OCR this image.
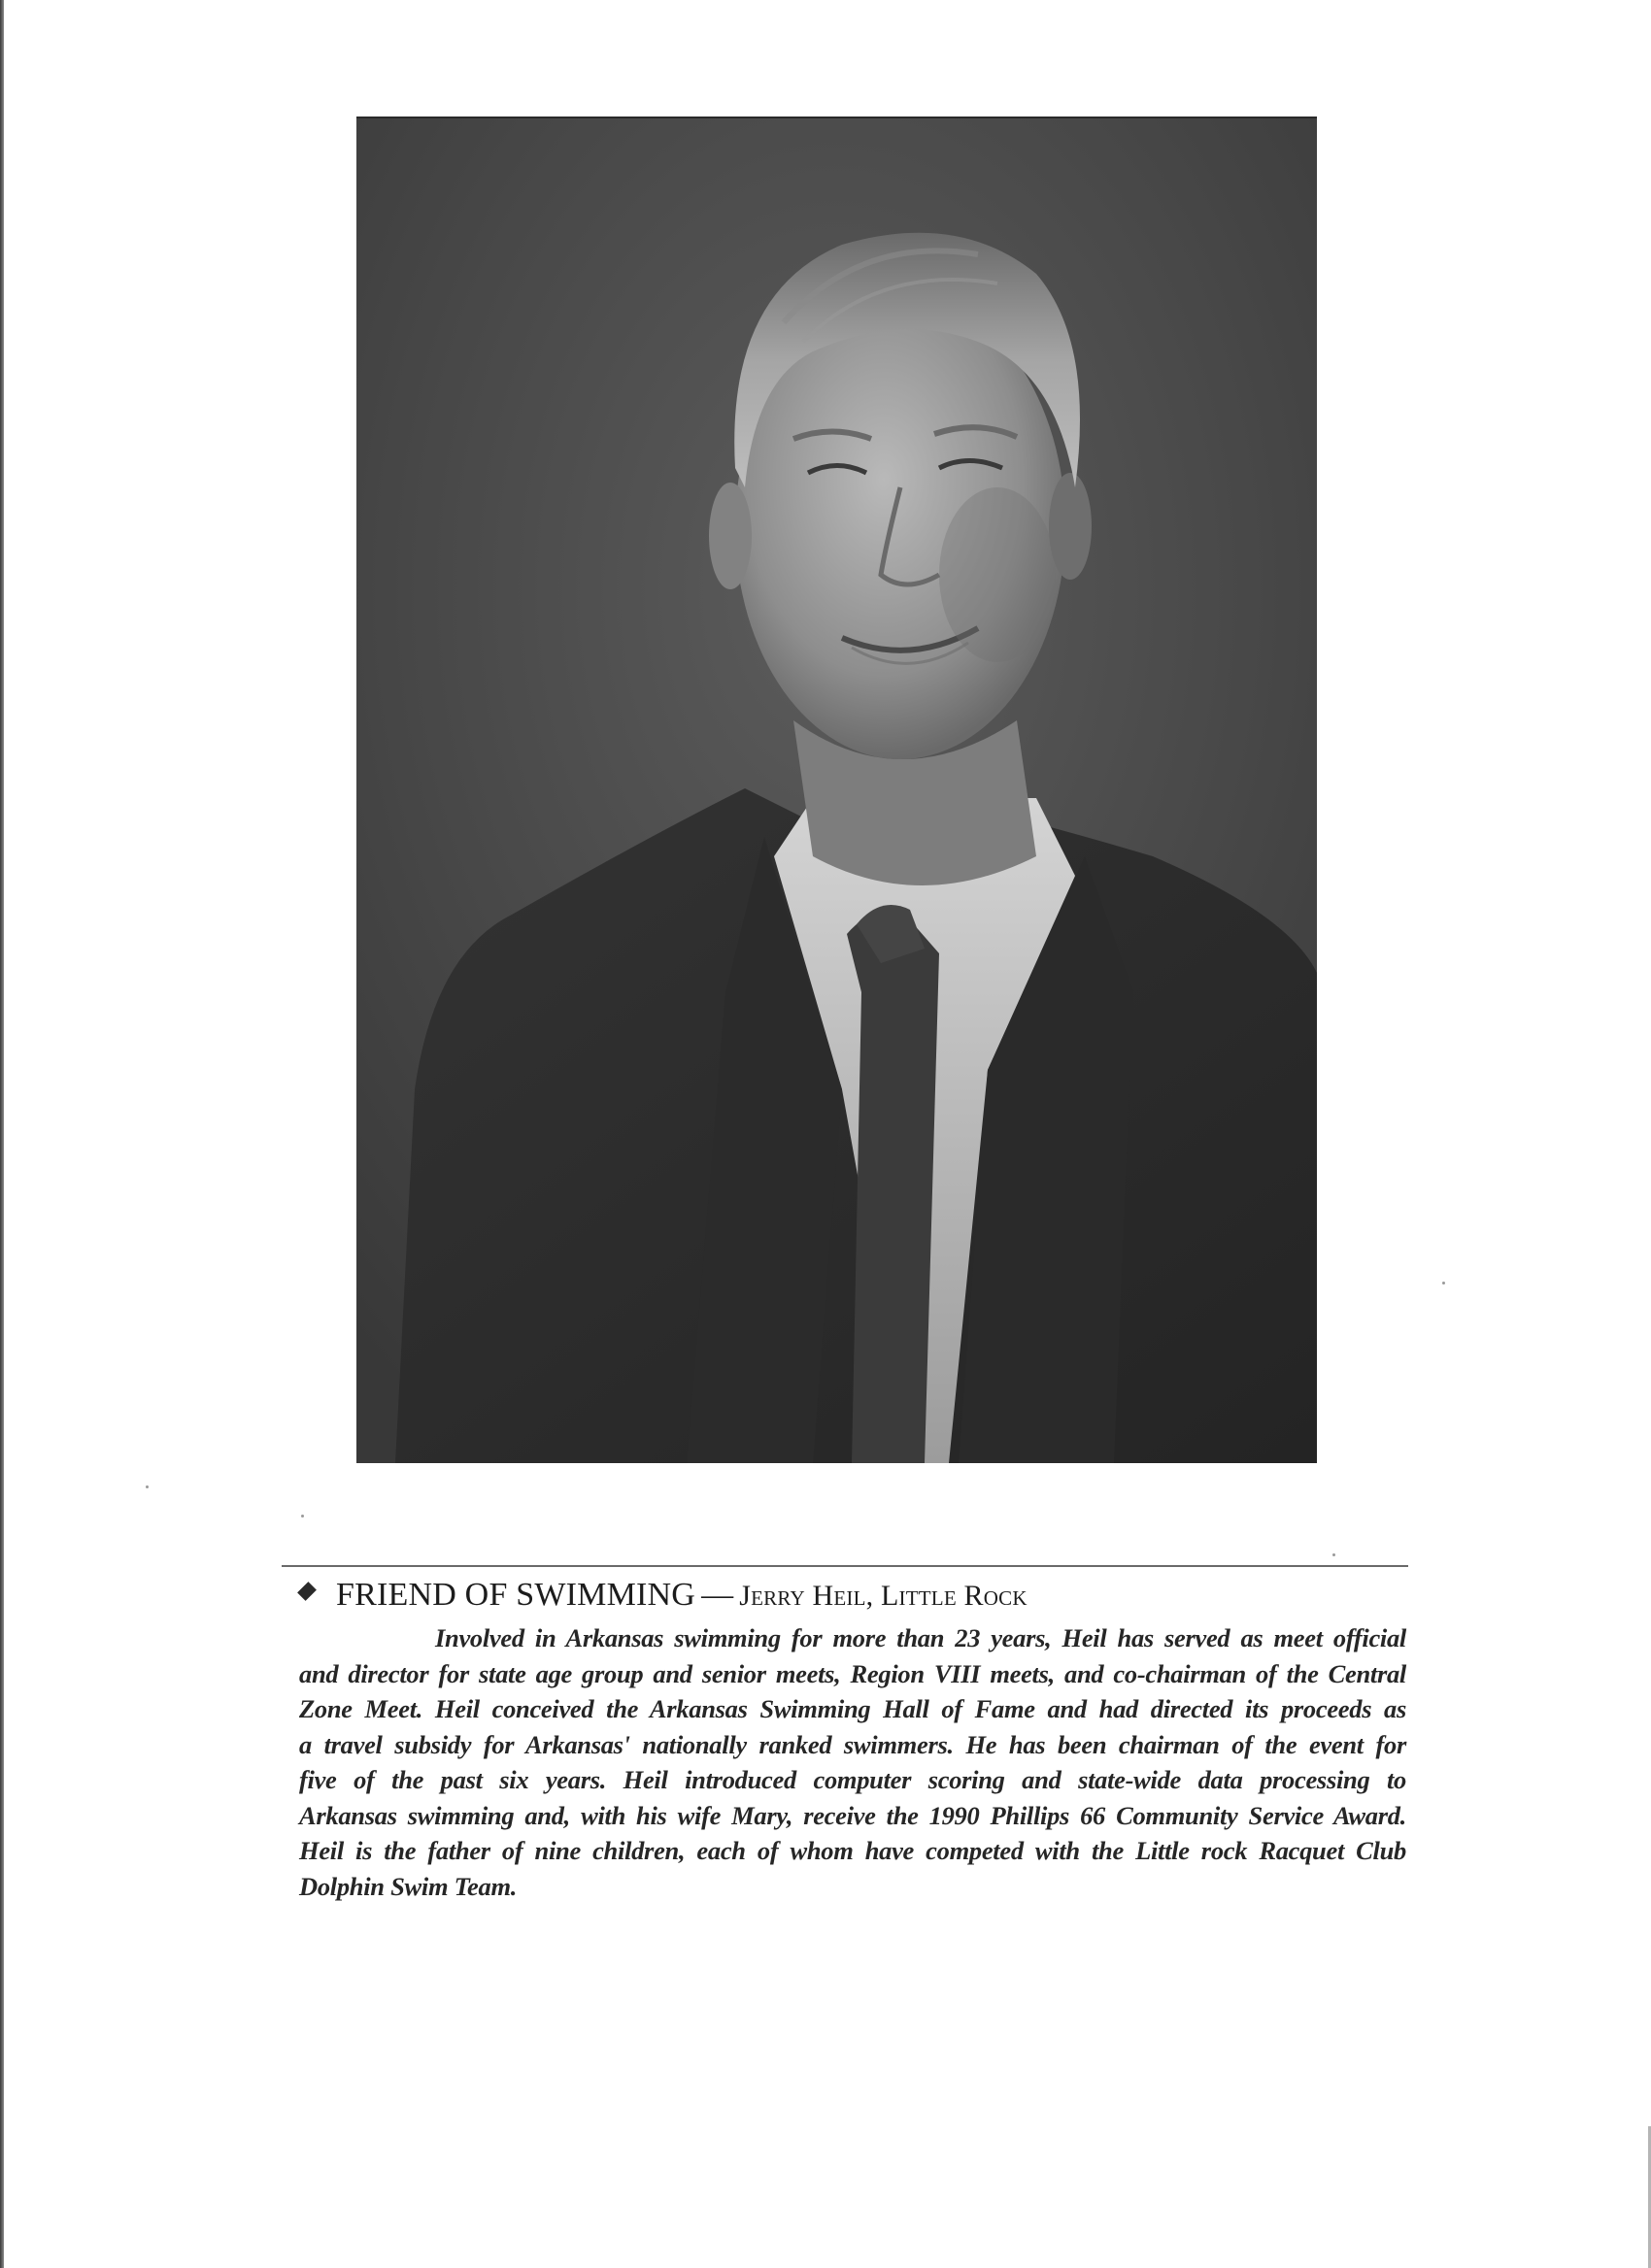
FRIEND OF SWIMMING — Jerry Heil, Little Rock
Involved in Arkansas swimming for more than 23 years, Heil has served as meet official
and director for state age group and senior meets, Region VIII meets, and co-chairman of the Central
Zone Meet. Heil conceived the Arkansas Swimming Hall of Fame and had directed its proceeds as
a travel subsidy for Arkansas' nationally ranked swimmers. He has been chairman of the event for
five of the past six years. Heil introduced computer scoring and state-wide data processing to
Arkansas swimming and, with his wife Mary, receive the 1990 Phillips 66 Community Service Award.
Heil is the father of nine children, each of whom have competed with the Little rock Racquet Club
Dolphin Swim Team.
